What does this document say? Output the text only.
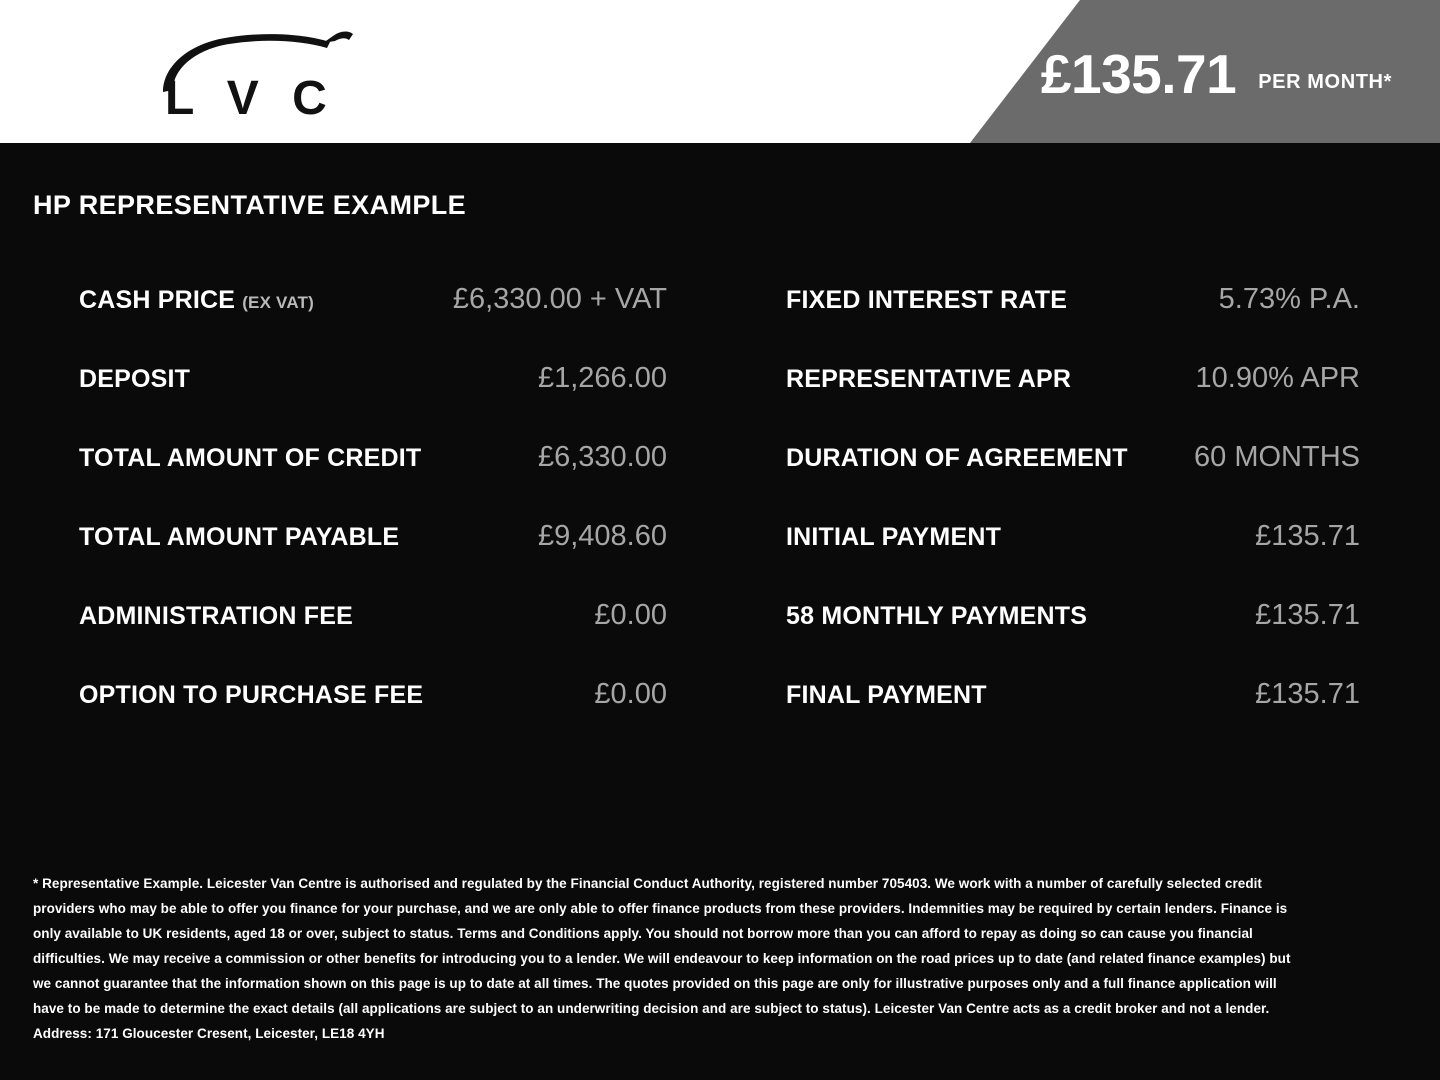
L V C	£135.71 PER MONTH*
HP REPRESENTATIVE EXAMPLE
CASH PRICE (EX VAT)	£6,330.00 + VAT
DEPOSIT	£1,266.00
TOTAL AMOUNT OF CREDIT	£6,330.00
TOTAL AMOUNT PAYABLE	£9,408.60
ADMINISTRATION FEE	£0.00
OPTION TO PURCHASE FEE	£0.00
FIXED INTEREST RATE	5.73% P.A.
REPRESENTATIVE APR	10.90% APR
DURATION OF AGREEMENT 60 MONTHS
INITIAL PAYMENT	£135.71
58 MONTHLY PAYMENTS	£135.71
FINAL PAYMENT	£135.71
* Representative Example. Leicester Van Centre is authorised and regulated by the Financial Conduct Authority, registered number 705403. We work with a number of carefully selected credit providers who may be able to offer you finance for your purchase, and we are only able to offer finance products from these providers. Indemnities may be required by certain lenders. Finance is only available to UK residents, aged 18 or over, subject to status. Terms and Conditions apply. You should not borrow more than you can afford to repay as doing so can cause you financial difficulties. We may receive a commission or other benefits for introducing you to a lender. We will endeavour to keep information on the road prices up to date (and related finance examples) but we cannot guarantee that the information shown on this page is up to date at all times. The quotes provided on this page are only for illustrative purposes only and a full finance application will have to be made to determine the exact details (all applications are subject to an underwriting decision and are subject to status). Leicester Van Centre acts as a credit broker and not a lender. Address: 171 Gloucester Cresent, Leicester, LE18 4YH
